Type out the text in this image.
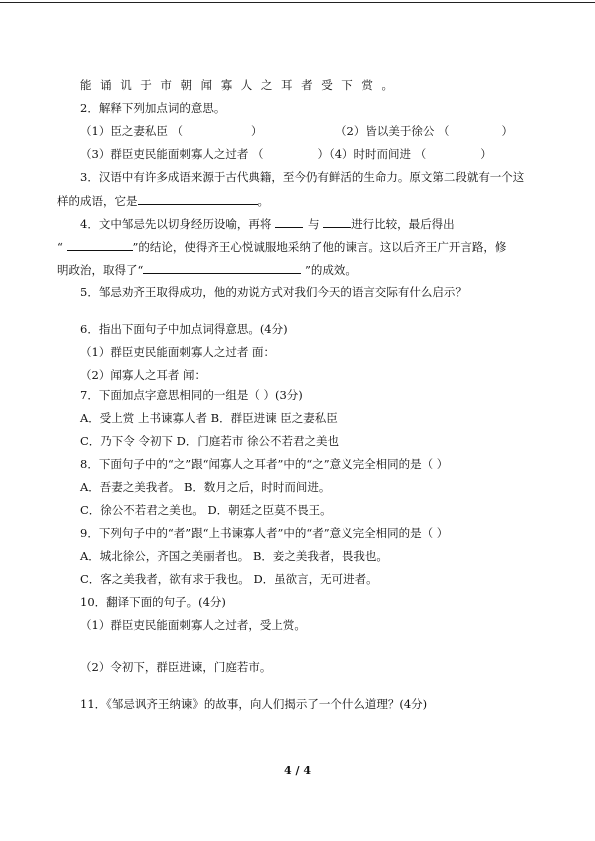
能诵讥于市朝闻寡人之耳者受下赏。
2．解释下列加点词的意思。
（1）臣之妻私臣 （	）	（2）皆以美于徐公 （	）
（3）群臣吏民能面刺寡人之过者 （	）（4）时时而间进 （	）
3．汉语中有许多成语来源于古代典籍，至今仍有鲜活的生命力。原文第二段就有一个这
样的成语，它是	。
4．文中邹忌先以切身经历设喻，再将	与 进行比较，最后得出
“	”的结论，使得齐王心悦诚服地采纳了他的谏言。这以后齐王广开言路，修
明政治，取得了“	”的成效。
5．邹忌劝齐王取得成功，他的劝说方式对我们今天的语言交际有什么启示？
6．指出下面句子中加点词得意思。(4分)
（1）群臣吏民能面刺寡人之过者 面：
（2）闻寡人之耳者 闻：
7．下面加点字意思相同的一组是（ ）(3分)
A．受上赏 上书谏寡人者 B．群臣进谏 臣之妻私臣
C．乃下令 令初下 D．门庭若市 徐公不若君之美也
8．下面句子中的“之”跟“闻寡人之耳者”中的“之”意义完全相同的是（ ）
A．吾妻之美我者。 B．数月之后，时时而间进。
C．徐公不若君之美也。 D．朝廷之臣莫不畏王。
9．下列句子中的“者”跟“上书谏寡人者”中的“者”意义完全相同的是（ ）
A．城北徐公，齐国之美丽者也。 B．妾之美我者，畏我也。
C．客之美我者，欲有求于我也。 D．虽欲言，无可进者。
10．翻译下面的句子。(4分)
（1）群臣吏民能面刺寡人之过者，受上赏。
（2）令初下，群臣进谏，门庭若市。
11．《邹忌讽齐王纳谏》的故事，向人们揭示了一个什么道理？(4分)
4 / 4
